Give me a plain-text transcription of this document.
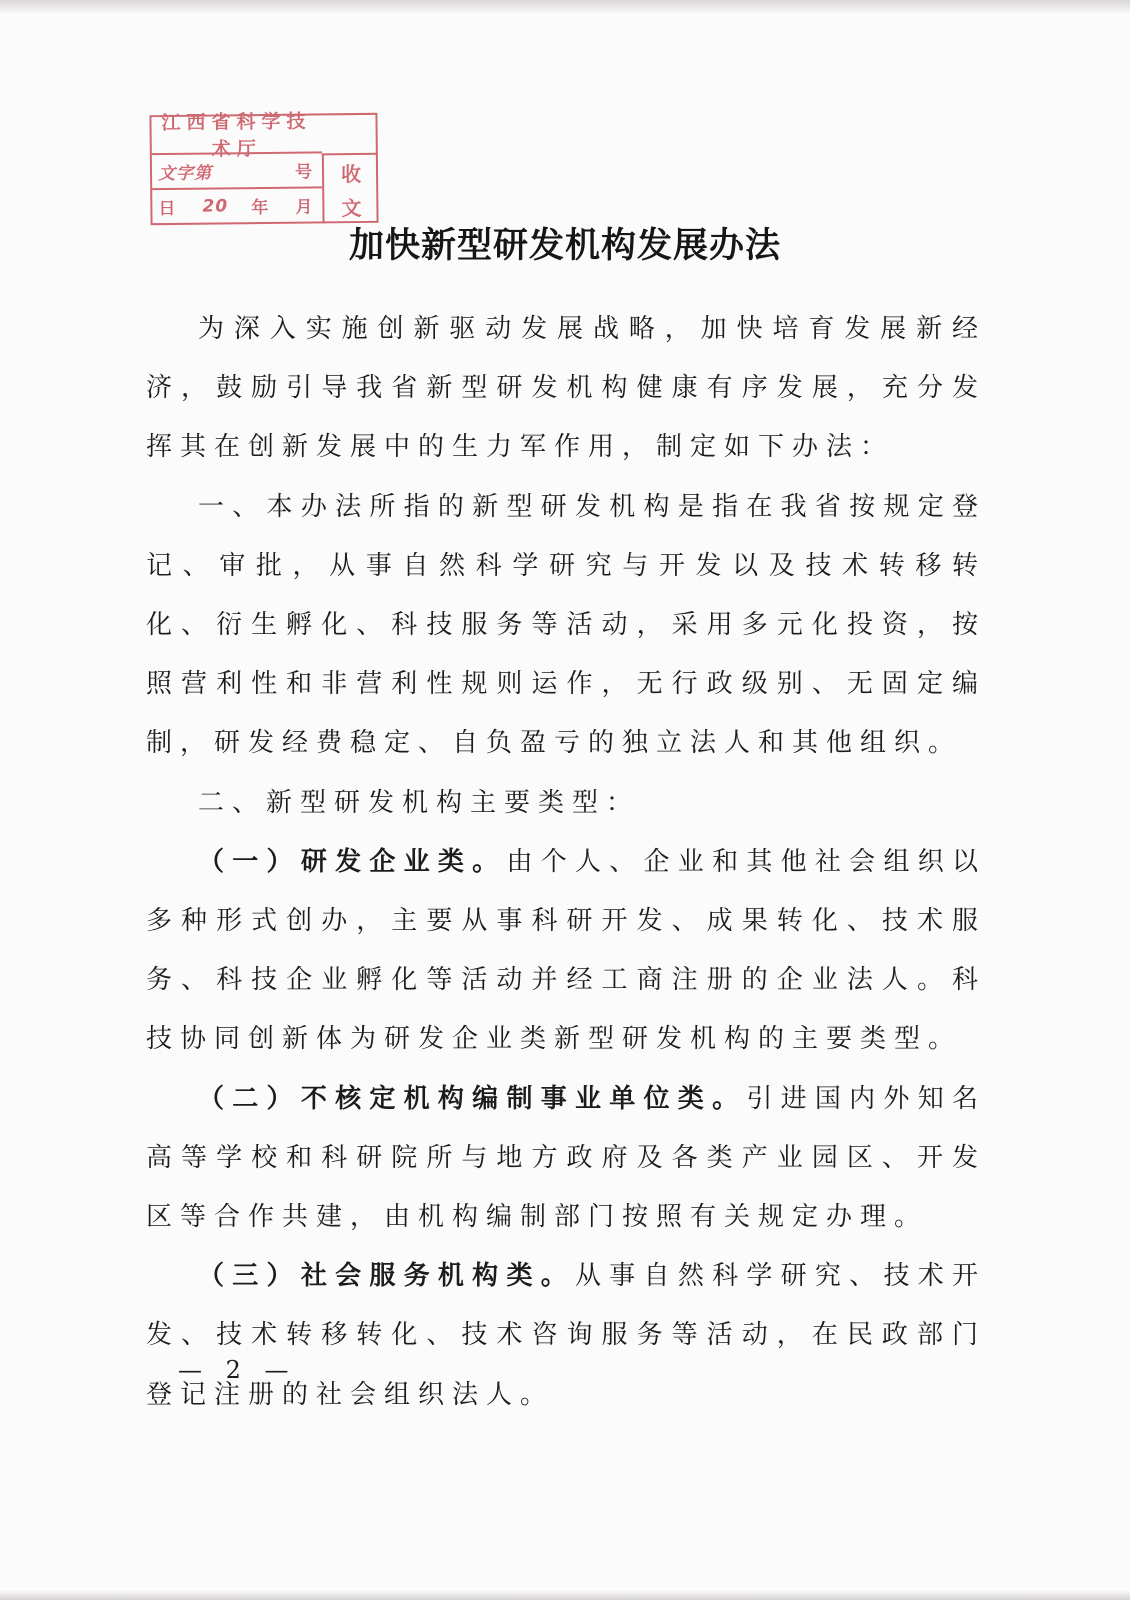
江西省科学技术厅
文字第	号
日 20 年 月
收
文
加快新型研发机构发展办法

为深入实施创新驱动发展战略，加快培育发展新经济，鼓励引导我省新型研发机构健康有序发展，充分发挥其在创新发展中的生力军作用，制定如下办法：

一、本办法所指的新型研发机构是指在我省按规定登记、审批，从事自然科学研究与开发以及技术转移转化、衍生孵化、科技服务等活动，采用多元化投资，按照营利性和非营利性规则运作，无行政级别、无固定编制，研发经费稳定、自负盈亏的独立法人和其他组织。

二、新型研发机构主要类型：

（一）研发企业类。由个人、企业和其他社会组织以多种形式创办，主要从事科研开发、成果转化、技术服务、科技企业孵化等活动并经工商注册的企业法人。科技协同创新体为研发企业类新型研发机构的主要类型。

（二）不核定机构编制事业单位类。引进国内外知名高等学校和科研院所与地方政府及各类产业园区、开发区等合作共建，由机构编制部门按照有关规定办理。

（三）社会服务机构类。从事自然科学研究、技术开发、技术转移转化、技术咨询服务等活动，在民政部门登记注册的社会组织法人。

— 2 —
